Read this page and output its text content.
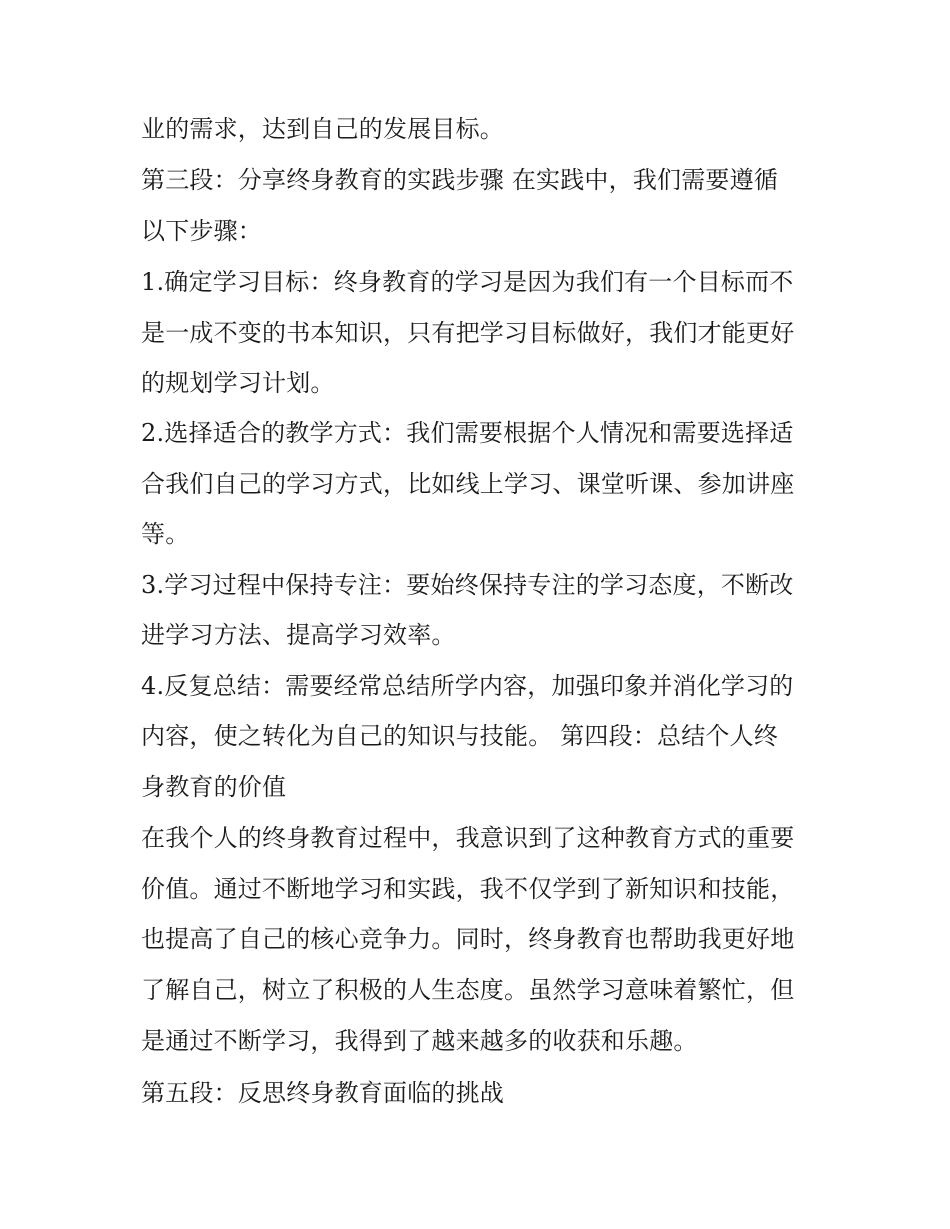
业的需求，达到自己的发展目标。
第三段：分享终身教育的实践步骤 在实践中，我们需要遵循
以下步骤：
1.确定学习目标：终身教育的学习是因为我们有一个目标而不
是一成不变的书本知识，只有把学习目标做好，我们才能更好
的规划学习计划。
2.选择适合的教学方式：我们需要根据个人情况和需要选择适
合我们自己的学习方式，比如线上学习、课堂听课、参加讲座
等。
3.学习过程中保持专注：要始终保持专注的学习态度，不断改
进学习方法、提高学习效率。
4.反复总结：需要经常总结所学内容，加强印象并消化学习的
内容，使之转化为自己的知识与技能。 第四段：总结个人终
身教育的价值
在我个人的终身教育过程中，我意识到了这种教育方式的重要
价值。通过不断地学习和实践，我不仅学到了新知识和技能，
也提高了自己的核心竞争力。同时，终身教育也帮助我更好地
了解自己，树立了积极的人生态度。虽然学习意味着繁忙，但
是通过不断学习，我得到了越来越多的收获和乐趣。
第五段：反思终身教育面临的挑战
